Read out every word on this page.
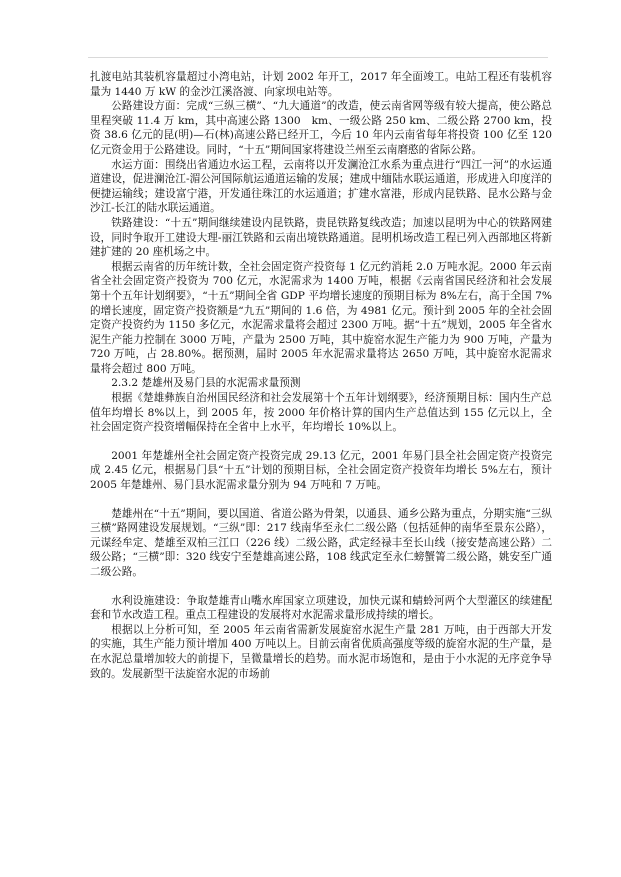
扎渡电站其装机容量超过小湾电站，计划 2002 年开工，2017 年全面竣工。电站工程还有装机容量为 1440 万 kW 的金沙江溪洛渡、向家坝电站等。

公路建设方面：完成“三纵三横”、“九大通道”的改造，使云南省网等级有较大提高，使公路总里程突破 11.4 万 km，其中高速公路 1300　km、一级公路 250 km、二级公路 2700 km，投资 38.6 亿元的昆(明)—石(林)高速公路已经开工，今后 10 年内云南省每年将投资 100 亿至 120 亿元资金用于公路建设。同时，“十五”期间国家将建设兰州至云南磨憨的省际公路。

水运方面：围绕出省通边水运工程，云南将以开发澜沧江水系为重点进行“四江一河”的水运通道建设，促进澜沧江-湄公河国际航运通道运输的发展；建成中缅陆水联运通道，形成进入印度洋的便捷运输线；建设富宁港，开发通往珠江的水运通道；扩建水富港，形成内昆铁路、昆水公路与金沙江-长江的陆水联运通道。

铁路建设：“十五”期间继续建设内昆铁路，贵昆铁路复线改造；加速以昆明为中心的铁路网建设，同时争取开工建设大理-丽江铁路和云南出境铁路通道。昆明机场改造工程已列入西部地区将新建扩建的 20 座机场之中。

根据云南省的历年统计数，全社会固定资产投资每 1 亿元约消耗 2.0 万吨水泥。2000 年云南省全社会固定资产投资为 700 亿元，水泥需求为 1400 万吨，根据《云南省国民经济和社会发展第十个五年计划纲要》，“十五”期间全省 GDP 平均增长速度的预期目标为 8%左右，高于全国 7%的增长速度，固定资产投资额是“九五”期间的 1.6 倍，为 4981 亿元。预计到 2005 年的全社会固定资产投资约为 1150 多亿元，水泥需求量将会超过 2300 万吨。据“十五”规划，2005 年全省水泥生产能力控制在 3000 万吨，产量为 2500 万吨，其中旋窑水泥生产能力为 900 万吨，产量为 720 万吨，占 28.80%。据预测，届时 2005 年水泥需求量将达 2650 万吨，其中旋窑水泥需求量将会超过 800 万吨。

2.3.2 楚雄州及易门县的水泥需求量预测

根据《楚雄彝族自治州国民经济和社会发展第十个五年计划纲要》，经济预期目标：国内生产总值年均增长 8%以上，到 2005 年，按 2000 年价格计算的国内生产总值达到 155 亿元以上，全社会固定资产投资增幅保持在全省中上水平，年均增长 10%以上。

2001 年楚雄州全社会固定资产投资完成 29.13 亿元，2001 年易门县全社会固定资产投资完成 2.45 亿元，根据易门县“十五”计划的预期目标，全社会固定资产投资年均增长 5%左右，预计 2005 年楚雄州、易门县水泥需求量分别为 94 万吨和 7 万吨。

楚雄州在“十五”期间，要以国道、省道公路为骨架，以通县、通乡公路为重点，分期实施“三纵三横”路网建设发展规划。“三纵”即：217 线南华至永仁二级公路（包括延伸的南华至景东公路），元谋经牟定、楚雄至双柏三江口（226 线）二级公路，武定经禄丰至长山线（接安楚高速公路）二级公路；“三横”即：320 线安宁至楚雄高速公路，108 线武定至永仁螃蟹箐二级公路，姚安至广通二级公路。

水利设施建设：争取楚雄青山嘴水库国家立项建设，加快元谋和蜻蛉河两个大型灌区的续建配套和节水改造工程。重点工程建设的发展将对水泥需求量形成持续的增长。

根据以上分析可知，至 2005 年云南省需新发展旋窑水泥生产量 281 万吨，由于西部大开发的实施，其生产能力预计增加 400 万吨以上。目前云南省优质高强度等级的旋窑水泥的生产量，是在水泥总量增加较大的前提下，呈微量增长的趋势。而水泥市场饱和，是由于小水泥的无序竞争导致的。发展新型干法旋窑水泥的市场前
